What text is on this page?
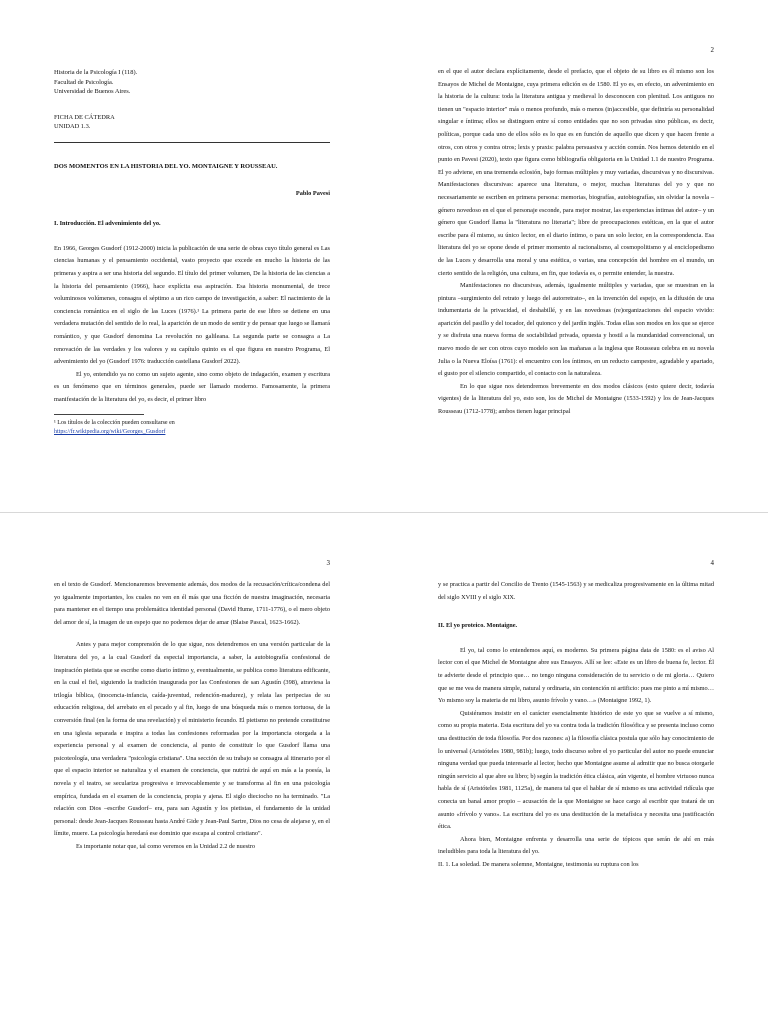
Historia de la Psicología I (118).
Facultad de Psicología.
Universidad de Buenos Aires.
FICHA DE CÁTEDRA
UNIDAD 1.3.
DOS MOMENTOS EN LA HISTORIA DEL YO. MONTAIGNE Y ROUSSEAU.
Pablo Pavesi
I. Introducción. El advenimiento del yo.

En 1966, Georges Gusdorf (1912-2000) inicia la publicación de una serie de obras cuyo título general es Las ciencias humanas y el pensamiento occidental, vasto proyecto que excede en mucho la historia de las primeras y aspira a ser una historia del segundo. El título del primer volumen, De la historia de las ciencias a la historia del pensamiento (1966), hace explícita esa aspiración. Esa historia monumental, de trece voluminosos volúmenes, consagra el séptimo a un rico campo de investigación, a saber: El nacimiento de la conciencia romántica en el siglo de las Luces (1976).¹ La primera parte de ese libro se detiene en una verdadera mutación del sentido de lo real, la aparición de un modo de sentir y de pensar que luego se llamará romántico, y que Gusdorf denomina La revolución no galileana. La segunda parte se consagra a La renovación de las verdades y los valores y su capítulo quinto es el que figura en nuestro Programa, El advenimiento del yo (Gusdorf 1976: traducción castellana Gusdorf 2022).

El yo, entendido ya no como un sujeto agente, sino como objeto de indagación, examen y escritura es un fenómeno que en términos generales, puede ser llamado moderno. Famosamente, la primera manifestación de la literatura del yo, es decir, el primer libro

¹ Los títulos de la colección pueden consultarse en
https://fr.wikipedia.org/wiki/Georges_Gusdorf
2

en el que el autor declara explícitamente, desde el prefacio, que el objeto de su libro es él mismo son los Ensayos de Michel de Montaigne, cuya primera edición es de 1580. El yo es, en efecto, un advenimiento en la historia de la cultura: toda la literatura antigua y medieval lo desconocen con plenitud. Los antiguos no tienen un "espacio interior" más o menos profundo, más o menos (in)accesible, que definiría su personalidad singular e íntima; ellos se distinguen entre sí como entidades que no son privadas sino públicas, es decir, políticas, porque cada uno de ellos sólo es lo que es en función de aquello que dicen y que hacen frente a otros, con otros y contra otros; lexis y praxis: palabra persuasiva y acción común. Nos hemos detenido en el punto en Pavesi (2020), texto que figura como bibliografía obligatoria en la Unidad 1.1 de nuestro Programa. El yo adviene, en una tremenda eclosión, bajo formas múltiples y muy variadas, discursivas y no discursivas. Manifestaciones discursivas: aparece una literatura, o mejor, muchas literaturas del yo y que no necesariamente se escriben en primera persona: memorias, biografías, autobiografías, sin olvidar la novela –género novedoso en el que el personaje esconde, para mejor mostrar, las experiencias íntimas del autor– y un género que Gusdorf llama la "literatura no literaria"; libre de preocupaciones estéticas, en la que el autor escribe para él mismo, su único lector, en el diario íntimo, o para un solo lector, en la correspondencia. Esa literatura del yo se opone desde el primer momento al racionalismo, al cosmopolitismo y al enciclopedismo de las Luces y desarrolla una moral y una estética, o varias, una concepción del hombre en el mundo, un cierto sentido de la religión, una cultura, en fin, que todavía es, o permite entender, la nuestra.

Manifestaciones no discursivas, además, igualmente múltiples y variadas, que se muestran en la pintura –surgimiento del retrato y luego del autorretrato–, en la invención del espejo, en la difusión de una indumentaria de la privacidad, el deshabillé, y en las novedosas (re)organizaciones del espacio vivido: aparición del pasillo y del tocador, del quionco y del jardín inglés. Todas ellas son modos en los que se ejerce y se disfruta una nueva forma de sociabilidad privada, opuesta y hostil a la mundanidad convencional, un nuevo modo de ser con otros cuyo modelo son las mañanas a la inglesa que Rousseau celebra en su novela Julia o la Nueva Eloísa (1761): el encuentro con los íntimos, en un reducto campestre, agradable y apartado, el gusto por el silencio compartido, el contacto con la naturaleza.

En lo que sigue nos detendremos brevemente en dos modos clásicos (esto quiere decir, todavía vigentes) de la literatura del yo, esto son, los de Michel de Montaigne (1533-1592) y los de Jean-Jacques Rousseau (1712-1778); ambos tienen lugar principal

3

en el texto de Gusdorf. Mencionaremos brevemente además, dos modos de la recusación/crítica/condena del yo igualmente importantes, los cuales no ven en él más que una ficción de nuestra imaginación, necesaria para mantener en el tiempo una problemática identidad personal (David Hume, 1711-1776), o el mero objeto del amor de sí, la imagen de un espejo que no podemos dejar de amar (Blaise Pascal, 1623-1662).

Antes y para mejor comprensión de lo que sigue, nos detendremos en una versión particular de la literatura del yo, a la cual Gusdorf da especial importancia, a saber, la autobiografía confesional de inspiración pietista que se escribe como diario íntimo y, eventualmente, se publica como literatura edificante, en la cual el fiel, siguiendo la tradición inaugurada por las Confesiones de san Agustín (398), atraviesa la trilogía bíblica, (inocencia-infancia, caída-juventud, redención-madurez), y relata las peripecias de su educación religiosa, del arrebato en el pecado y al fin, luego de una búsqueda más o menos tortuosa, de la conversión final (en la forma de una revelación) y el ministerio fecundo. El pietismo no pretende constituirse en una iglesia separada e inspira a todas las confesiones reformadas por la importancia otorgada a la experiencia personal y al examen de conciencia, al punto de constituir lo que Gusdorf llama una psicoteología, una verdadera "psicología cristiana". Una sección de su trabajo se consagra al itinerario por el que el espacio interior se naturaliza y el examen de conciencia, que nutrirá de aquí en más a la poesía, la novela y el teatro, se seculariza progresiva e irrevocablemente y se transforma al fin en una psicología empírica, fundada en el examen de la conciencia, propia y ajena. El siglo dieciocho no ha terminado. "La relación con Dios –escribe Gusdorf– era, para san Agustín y los pietistas, el fundamento de la unidad personal: desde Jean-Jacques Rousseau hasta André Gide y Jean-Paul Sartre, Dios no cesa de alejarse y, en el límite, muere. La psicología heredará ese dominio que escapa al control cristiano".

Es importante notar que, tal como veremos en la Unidad 2.2 de nuestro

4

y se practica a partir del Concilio de Trento (1545-1563) y se medicaliza progresivamente en la última mitad del siglo XVIII y el siglo XIX.

II. El yo proteico. Montaigne.

El yo, tal como lo entendemos aquí, es moderno. Su primera página data de 1580: es el aviso Al lector con el que Michel de Montaigne abre sus Ensayos. Allí se lee: «Este es un libro de buena fe, lector. Él te advierte desde el principio que… no tengo ninguna consideración de tu servicio o de mi gloria… Quiero que se me vea de manera simple, natural y ordinaria, sin contención ni artificio: pues me pinto a mí mismo… Yo mismo soy la materia de mi libro, asunto frívolo y vano…» (Montaigne 1992, 1).

Quisiéramos insistir en el carácter esencialmente histórico de este yo que se vuelve a sí mismo, como su propia materia. Esta escritura del yo va contra toda la tradición filosófica y se presenta incluso como una destitución de toda filosofía. Por dos razones: a) la filosofía clásica postula que sólo hay conocimiento de lo universal (Aristóteles 1980, 981b); luego, todo discurso sobre el yo particular del autor no puede enunciar ninguna verdad que pueda interesarle al lector, hecho que Montaigne asume al admitir que no busca otorgarle ningún servicio al que abre su libro; b) según la tradición ética clásica, aún vigente, el hombre virtuoso nunca habla de sí (Aristóteles 1981, 1125a), de manera tal que el hablar de sí mismo es una actividad ridícula que conecta un banal amor propio – acusación de la que Montaigne se hace cargo al escribir que tratará de un asunto «frívolo y vano». La escritura del yo es una destitución de la metafísica y necesita una justificación ética.

Ahora bien, Montaigne enfrenta y desarrolla una serie de tópicos que serán de ahí en más ineludibles para toda la literatura del yo.

II. 1. La soledad. De manera solemne, Montaigne, testimonia su ruptura con los
